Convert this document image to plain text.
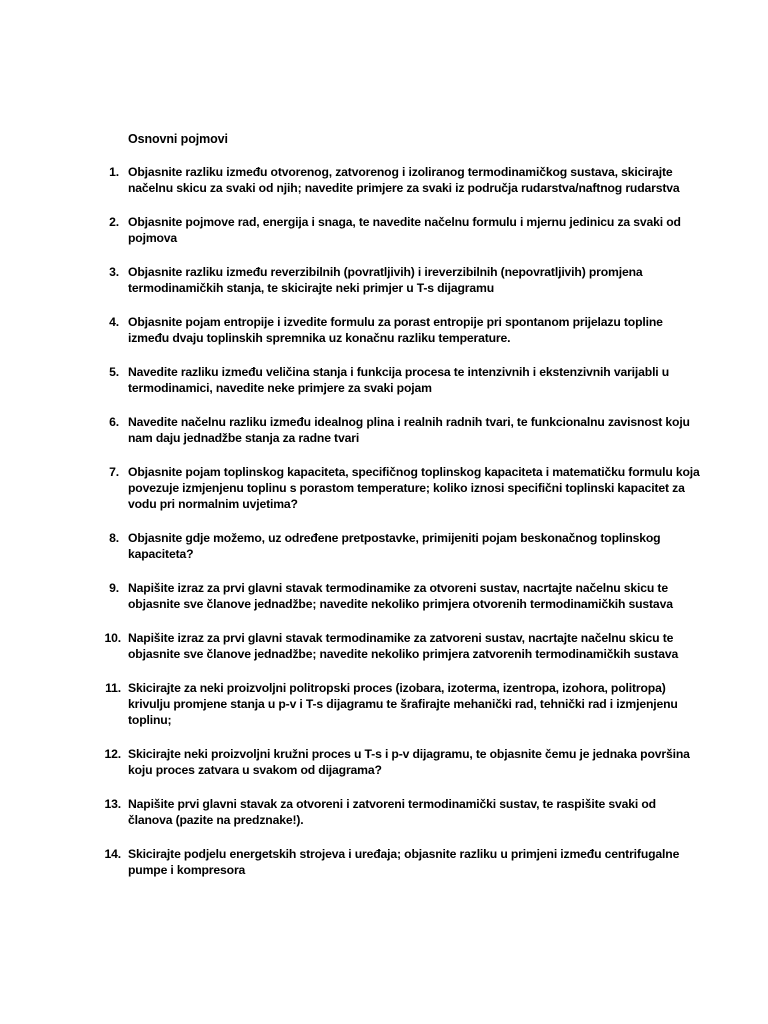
Osnovni pojmovi
1. Objasnite razliku između otvorenog, zatvorenog i izoliranog termodinamičkog sustava, skicirajte načelnu skicu za svaki od njih; navedite primjere za svaki iz područja rudarstva/naftnog rudarstva
2. Objasnite pojmove rad, energija i snaga, te navedite načelnu formulu i mjernu jedinicu za svaki od pojmova
3. Objasnite razliku između reverzibilnih (povratljivih) i ireverzibilnih (nepovratljivih) promjena termodinamičkih stanja, te skicirajte neki primjer u T-s dijagramu
4. Objasnite pojam entropije i izvedite formulu za porast entropije pri spontanom prijelazu topline između dvaju toplinskih spremnika uz konačnu razliku temperature.
5. Navedite razliku između veličina stanja i funkcija procesa te intenzivnih i ekstenzivnih varijabli u termodinamici, navedite neke primjere za svaki pojam
6. Navedite načelnu razliku između idealnog plina i realnih radnih tvari, te funkcionalnu zavisnost koju nam daju jednadžbe stanja za radne tvari
7. Objasnite pojam toplinskog kapaciteta, specifičnog toplinskog kapaciteta i matematičku formulu koja povezuje izmjenjenu toplinu s porastom temperature; koliko iznosi specifični toplinski kapacitet za vodu pri normalnim uvjetima?
8. Objasnite gdje možemo, uz određene pretpostavke, primijeniti pojam beskonačnog toplinskog kapaciteta?
9. Napišite izraz za prvi glavni stavak termodinamike za otvoreni sustav, nacrtajte načelnu skicu te objasnite sve članove jednadžbe; navedite nekoliko primjera otvorenih termodinamičkih sustava
10. Napišite izraz za prvi glavni stavak termodinamike za zatvoreni sustav, nacrtajte načelnu skicu te objasnite sve članove jednadžbe; navedite nekoliko primjera zatvorenih termodinamičkih sustava
11. Skicirajte za neki proizvoljni politropski proces (izobara, izoterma, izentropa, izohora, politropa) krivulju promjene stanja u p-v i T-s dijagramu te šrafirajte mehanički rad, tehnički rad i izmjenjenu toplinu;
12. Skicirajte neki proizvoljni kružni proces u T-s i p-v dijagramu, te objasnite čemu je jednaka površina koju proces zatvara u svakom od dijagrama?
13. Napišite prvi glavni stavak za otvoreni i zatvoreni termodinamički sustav, te raspišite svaki od članova (pazite na predznake!).
14. Skicirajte podjelu energetskih strojeva i uređaja; objasnite razliku u primjeni između centrifugalne pumpe i kompresora
